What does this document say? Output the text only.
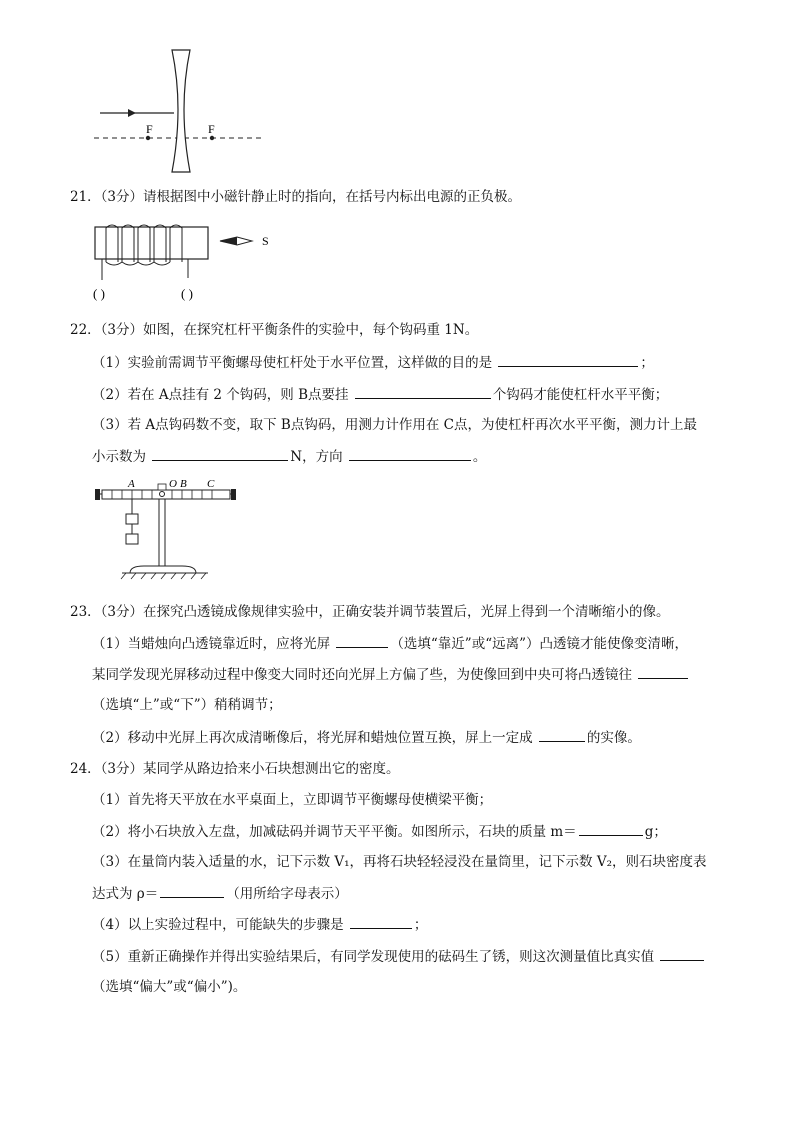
F	F
21．（3分）请根据图中小磁针静止时的指向，在括号内标出电源的正负极。
S
( )	( )
22．（3分）如图，在探究杠杆平衡条件的实验中，每个钩码重 1N。
（1）实验前需调节平衡螺母使杠杆处于水平位置，这样做的目的是	；
（2）若在 A点挂有 2 个钩码，则 B点要挂	个钩码才能使杠杆水平平衡；
（3）若 A点钩码数不变，取下 B点钩码，用测力计作用在 C点，为使杠杆再次水平平衡，测力计上最
小示数为	N，方向	。
A	O B C
23．（3分）在探究凸透镜成像规律实验中，正确安装并调节装置后，光屏上得到一个清晰缩小的像。
（1）当蜡烛向凸透镜靠近时，应将光屏	（选填“靠近”或“远离”）凸透镜才能使像变清晰，
某同学发现光屏移动过程中像变大同时还向光屏上方偏了些，为使像回到中央可将凸透镜往
（选填“上”或“下”）稍稍调节；
（2）移动中光屏上再次成清晰像后，将光屏和蜡烛位置互换，屏上一定成	的实像。
24．（3分）某同学从路边拾来小石块想测出它的密度。
（1）首先将天平放在水平桌面上，立即调节平衡螺母使横梁平衡；
（2）将小石块放入左盘，加减砝码并调节天平平衡。如图所示，石块的质量 m＝	g；
（3）在量筒内装入适量的水，记下示数 V₁，再将石块轻轻浸没在量筒里，记下示数 V₂，则石块密度表
达式为 ρ＝	（用所给字母表示）
（4）以上实验过程中，可能缺失的步骤是	；
（5）重新正确操作并得出实验结果后，有同学发现使用的砝码生了锈，则这次测量值比真实值
（选填“偏大”或“偏小”)。
